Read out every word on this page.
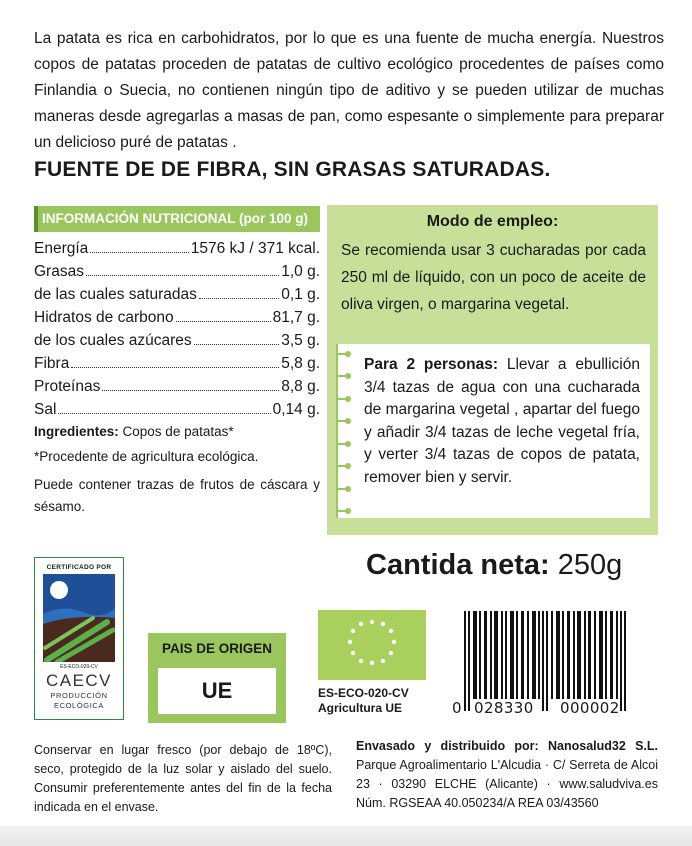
La patata es rica en carbohidratos, por lo que es una fuente de mucha energía. Nuestros copos de patatas proceden de patatas de cultivo ecológico procedentes de países como Finlandia o Suecia, no contienen ningún tipo de aditivo y se pueden utilizar de muchas maneras desde agregarlas a masas de pan, como espesante o simplemente para preparar un delicioso puré de patatas .

FUENTE DE DE FIBRA, SIN GRASAS SATURADAS.
INFORMACIÓN NUTRICIONAL (por 100 g)
Energía	1576 kJ / 371 kcal.
Grasas	1,0 g.
de las cuales saturadas	0,1 g.
Hidratos de carbono	81,7 g.
de los cuales azúcares	3,5 g.
Fibra	5,8 g.
Proteínas	8,8 g.
Sal	0,14 g.

Ingredientes: Copos de patatas*

*Procedente de agricultura ecológica.

Puede contener trazas de frutos de cáscara y sésamo.

Modo de empleo:

Se recomienda usar 3 cucharadas por cada 250 ml de líquido, con un poco de aceite de oliva virgen, o margarina vegetal.

Para 2 personas: Llevar a ebullición 3/4 tazas de agua con una cucharada de margarina vegetal , apartar del fuego y añadir 3/4 tazas de leche vegetal fría, y verter 3/4 tazas de copos de patata, remover bien y servir.

Cantida neta: 250g
CERTIFICADO POR
ES-ECO-020-CV
CAECV
PRODUCCIÓN
ECOLÓGICA
PAIS DE ORIGEN
UE	ES-ECO-020-CV
Agricultura UE	0 028330 000002

Conservar en lugar fresco (por debajo de 18ºC), seco, protegido de la luz solar y aislado del suelo. Consumir preferentemente antes del fin de la fecha indicada en el envase.

Envasado y distribuido por: Nanosalud32 S.L. Parque Agroalimentario L'Alcudia · C/ Serreta de Alcoi 23 · 03290 ELCHE (Alicante) · www.saludviva.es Núm. RGSEAA 40.050234/A REA 03/43560
